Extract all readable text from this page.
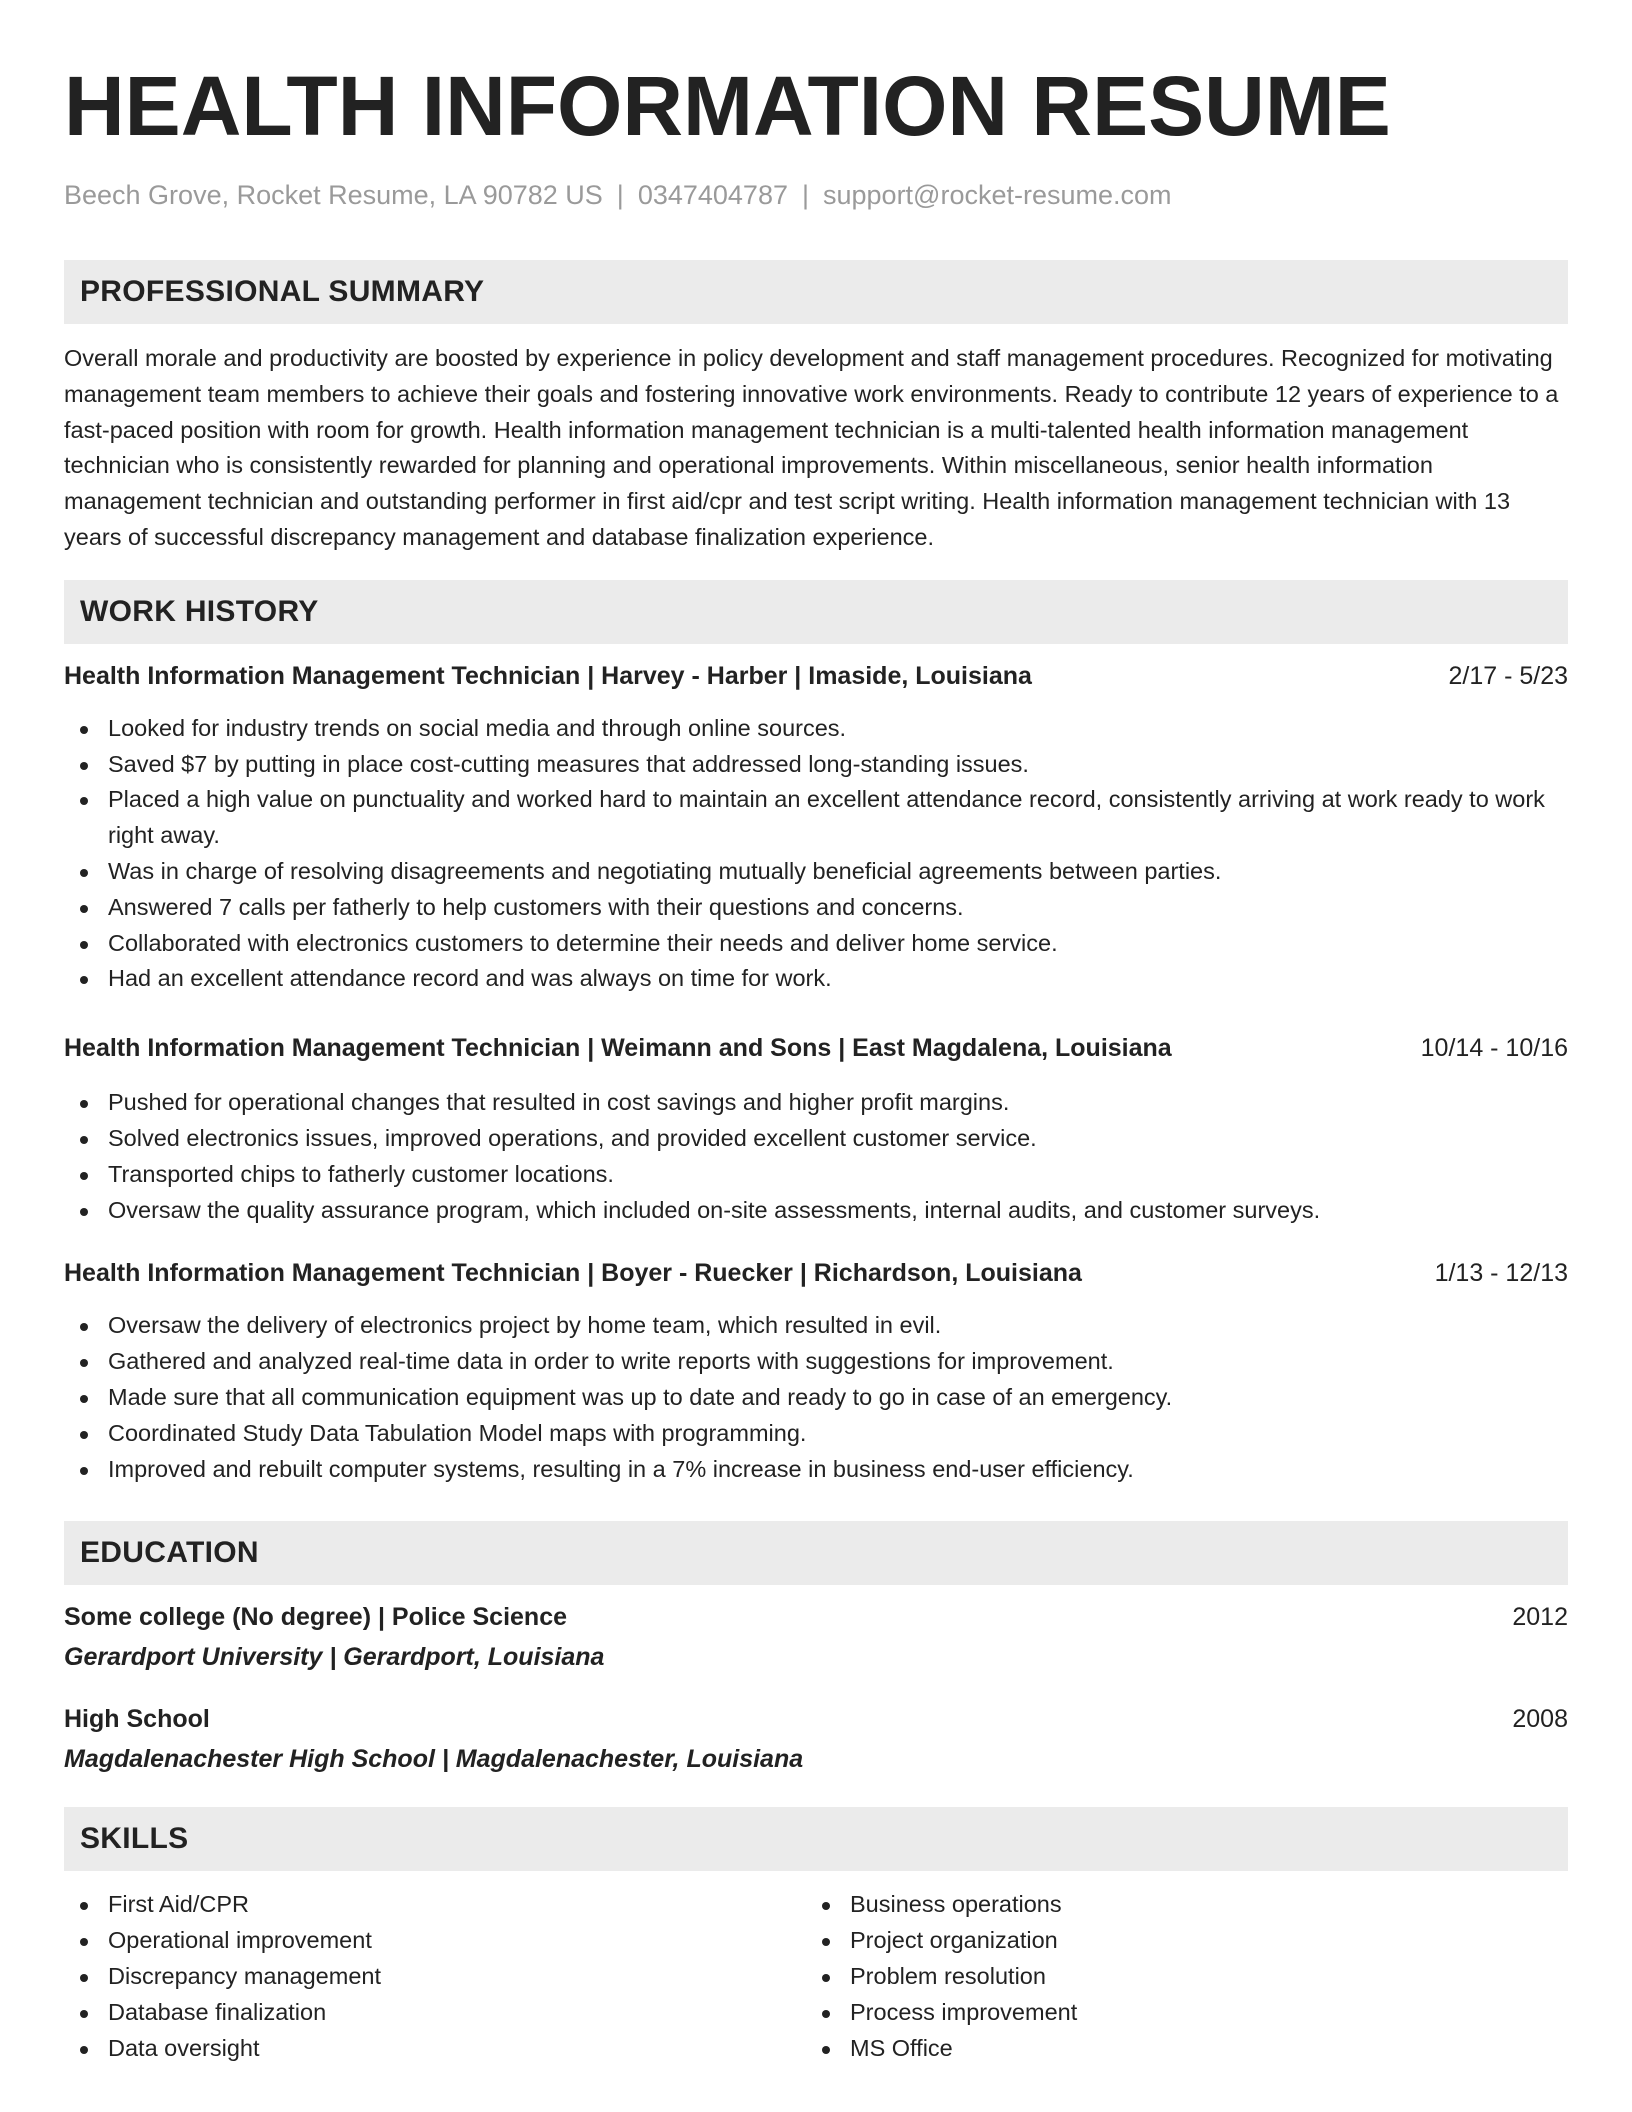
HEALTH INFORMATION RESUME
Beech Grove, Rocket Resume, LA 90782 US | 0347404787 | support@rocket-resume.com
PROFESSIONAL SUMMARY

Overall morale and productivity are boosted by experience in policy development and staff management procedures. Recognized for motivating management team members to achieve their goals and fostering innovative work environments. Ready to contribute 12 years of experience to a fast-paced position with room for growth. Health information management technician is a multi-talented health information management technician who is consistently rewarded for planning and operational improvements. Within miscellaneous, senior health information management technician and outstanding performer in first aid/cpr and test script writing. Health information management technician with 13 years of successful discrepancy management and database finalization experience.

WORK HISTORY
Health Information Management Technician | Harvey - Harber | Imaside, Louisiana	2/17 - 5/23
Looked for industry trends on social media and through online sources.
Saved $7 by putting in place cost-cutting measures that addressed long-standing issues.
Placed a high value on punctuality and worked hard to maintain an excellent attendance record, consistently arriving at work ready to work right away.
Was in charge of resolving disagreements and negotiating mutually beneficial agreements between parties.
Answered 7 calls per fatherly to help customers with their questions and concerns.
Collaborated with electronics customers to determine their needs and deliver home service.
Had an excellent attendance record and was always on time for work.
Health Information Management Technician | Weimann and Sons | East Magdalena, Louisiana	10/14 - 10/16
Pushed for operational changes that resulted in cost savings and higher profit margins.
Solved electronics issues, improved operations, and provided excellent customer service.
Transported chips to fatherly customer locations.
Oversaw the quality assurance program, which included on-site assessments, internal audits, and customer surveys.
Health Information Management Technician | Boyer - Ruecker | Richardson, Louisiana	1/13 - 12/13
Oversaw the delivery of electronics project by home team, which resulted in evil.
Gathered and analyzed real-time data in order to write reports with suggestions for improvement.
Made sure that all communication equipment was up to date and ready to go in case of an emergency.
Coordinated Study Data Tabulation Model maps with programming.
Improved and rebuilt computer systems, resulting in a 7% increase in business end-user efficiency.
EDUCATION
Some college (No degree) | Police Science	2012
Gerardport University | Gerardport, Louisiana
High School	2008
Magdalenachester High School | Magdalenachester, Louisiana
SKILLS
First Aid/CPR
Operational improvement
Discrepancy management
Database finalization
Data oversight
Business operations
Project organization
Problem resolution
Process improvement
MS Office
